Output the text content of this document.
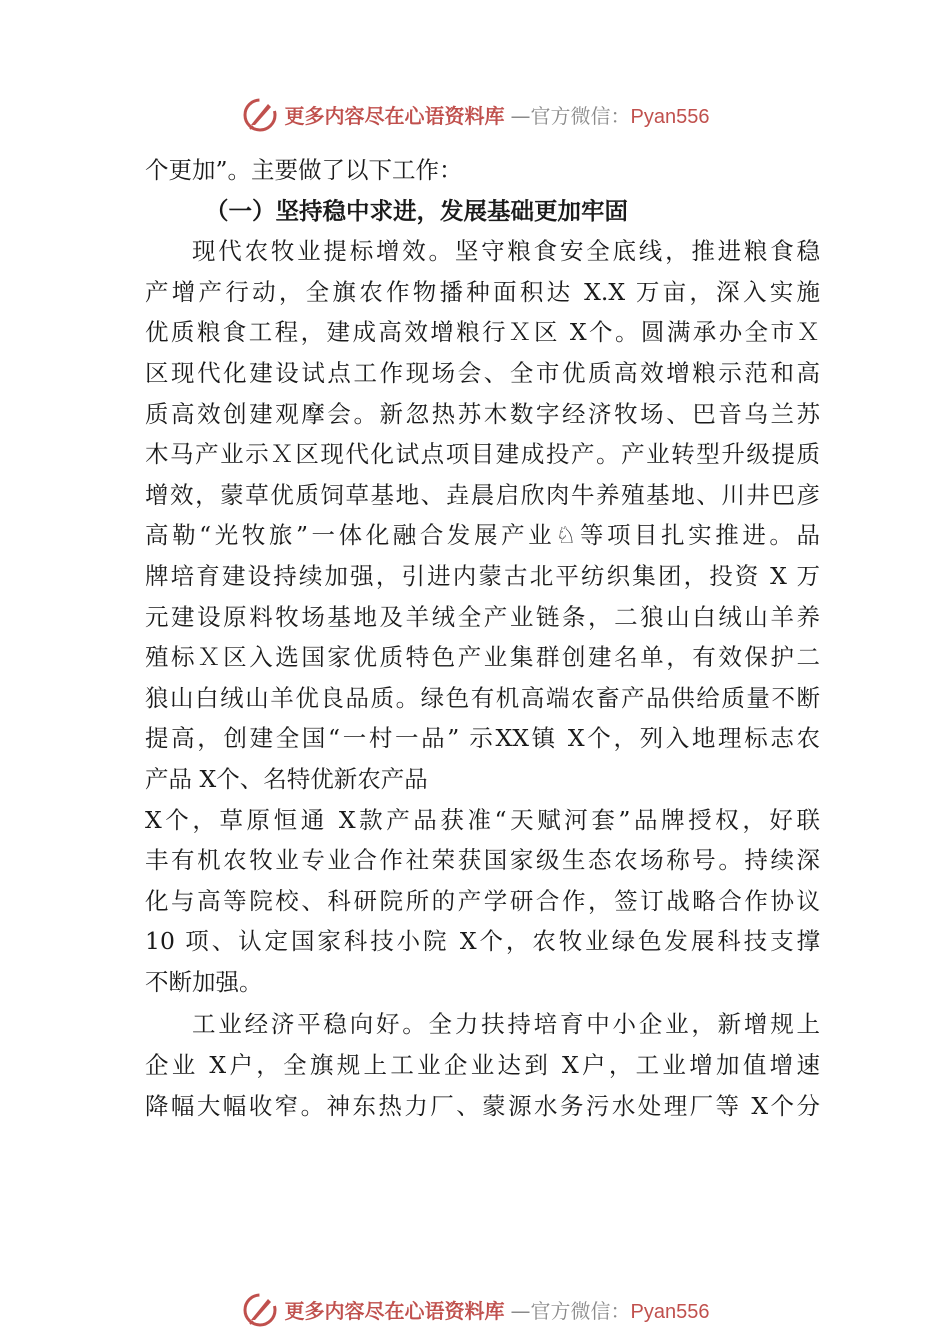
更多内容尽在心语资料库 —官方微信：Pyan556
个更加”。主要做了以下工作：
（一）坚持稳中求进，发展基础更加牢固
现代农牧业提标增效。坚守粮食安全底线，推进粮食稳
产增产行动，全旗农作物播种面积达 X.X 万亩，深入实施
优质粮食工程，建成高效增粮行Ｘ区 X个。圆满承办全市Ｘ
区现代化建设试点工作现场会、全市优质高效增粮示范和高
质高效创建观摩会。新忽热苏木数字经济牧场、巴音乌兰苏
木马产业示Ｘ区现代化试点项目建成投产。产业转型升级提质
增效，蒙草优质饲草基地、垚晨启欣肉牛养殖基地、川井巴彦
高勒“光牧旅”一体化融合发展产业♘等项目扎实推进。品
牌培育建设持续加强，引进内蒙古北平纺织集团，投资 X 万
元建设原料牧场基地及羊绒全产业链条，二狼山白绒山羊养
殖标Ｘ区入选国家优质特色产业集群创建名单，有效保护二
狼山白绒山羊优良品质。绿色有机高端农畜产品供给质量不断
提高，创建全国“一村一品” 示XX镇 X个，列入地理标志农
产品 X个、名特优新农产品
X个，草原恒通 X款产品获准“天赋河套”品牌授权，好联
丰有机农牧业专业合作社荣获国家级生态农场称号。持续深
化与高等院校、科研院所的产学研合作，签订战略合作协议
10 项、认定国家科技小院 X个，农牧业绿色发展科技支撑
不断加强。
工业经济平稳向好。全力扶持培育中小企业，新增规上
企业 X户，全旗规上工业企业达到 X户，工业增加值增速
降幅大幅收窄。神东热力厂、蒙源水务污水处理厂等 X个分
更多内容尽在心语资料库 —官方微信：Pyan556
